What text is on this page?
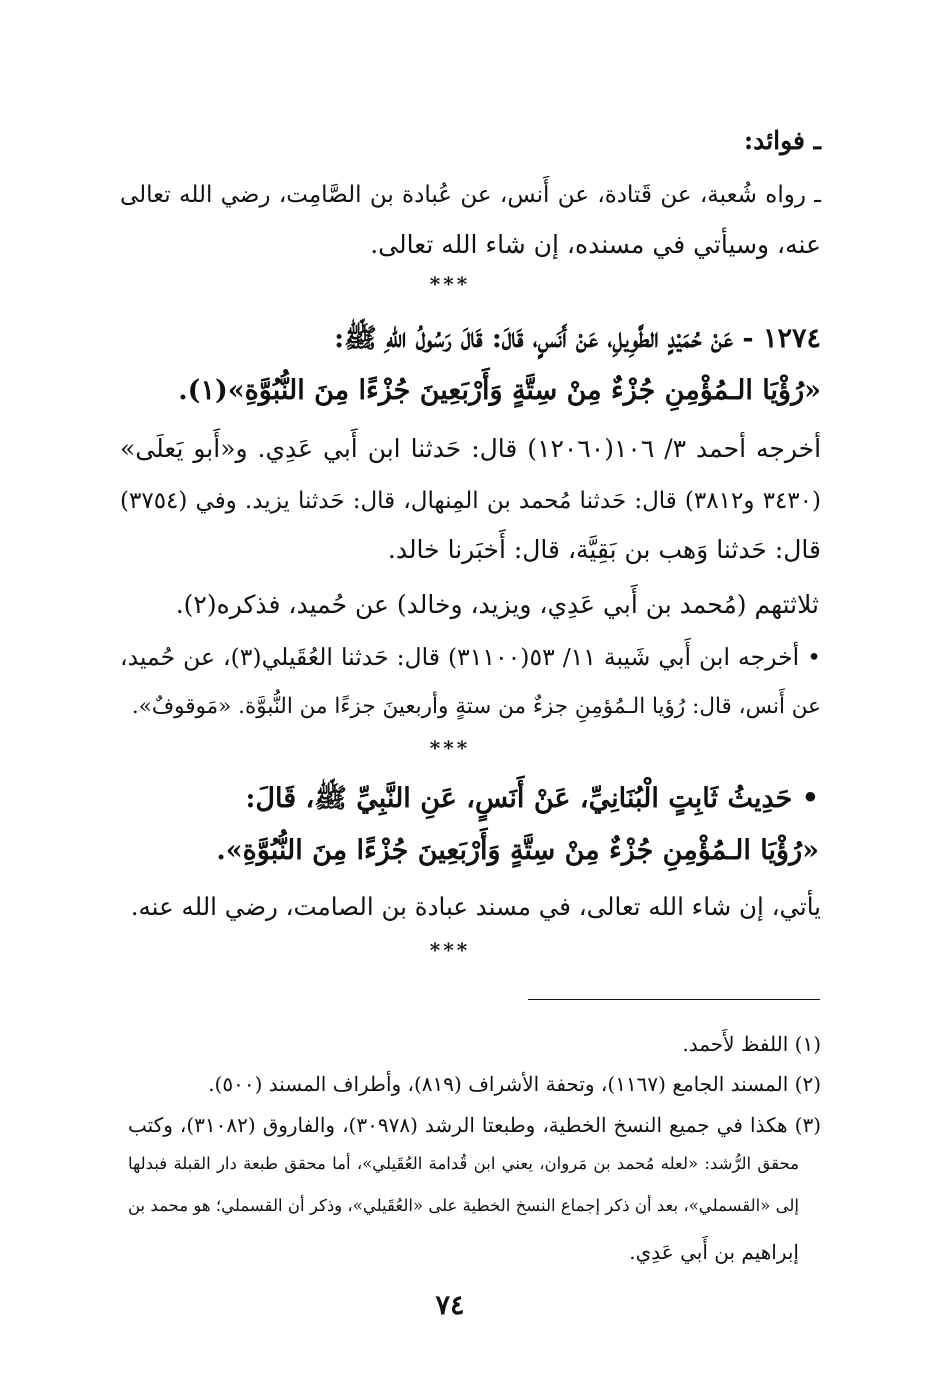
ـ فوائد:
ـ رواه شُعبة، عن قَتادة، عن أَنس، عن عُبادة بن الصَّامِت، رضي الله تعالى
عنه، وسيأتي في مسنده، إن شاء الله تعالى.
***
١٢٧٤ - عَنْ حُمَيْدٍ الطَّوِيلِ، عَنْ أَنَسٍ، قَالَ: قَالَ رَسُولُ اللهِ ﷺ:
«رُؤْيَا الـمُؤْمِنِ جُزْءٌ مِنْ سِتَّةٍ وَأَرْبَعِينَ جُزْءًا مِنَ النُّبُوَّةِ»(١).
أخرجه أحمد ٣/ ١٠٦(١٢٠٦٠) قال: حَدثنا ابن أَبي عَدِي. و«أَبو يَعلَى»
(٣٤٣٠ و٣٨١٢) قال: حَدثنا مُحمد بن المِنهال، قال: حَدثنا يزيد. وفي (٣٧٥٤)
قال: حَدثنا وَهب بن بَقِيَّة، قال: أَخبَرنا خالد.
ثلاثتهم (مُحمد بن أَبي عَدِي، ويزيد، وخالد) عن حُميد، فذكره(٢).
• أخرجه ابن أَبي شَيبة ١١/ ٥٣(٣١١٠٠) قال: حَدثنا العُقَيلي(٣)، عن حُميد،
عن أَنس، قال: رُؤيا الـمُؤمِنِ جزءٌ من ستةٍ وأربعينَ جزءًا من النُّبوَّة. «مَوقوفٌ».
***
• حَدِيثُ ثَابِتٍ الْبُنَانِيِّ، عَنْ أَنَسٍ، عَنِ النَّبِيِّ ﷺ، قَالَ:
«رُؤْيَا الـمُؤْمِنِ جُزْءٌ مِنْ سِتَّةٍ وَأَرْبَعِينَ جُزْءًا مِنَ النُّبُوَّةِ».
يأتي، إن شاء الله تعالى، في مسند عبادة بن الصامت، رضي الله عنه.
***
(١) اللفظ لأَحمد.
(٢) المسند الجامع (١١٦٧)، وتحفة الأشراف (٨١٩)، وأطراف المسند (٥٠٠).
(٣) هكذا في جميع النسخ الخطية، وطبعتا الرشد (٣٠٩٧٨)، والفاروق (٣١٠٨٢)، وكتب
محقق الرُّشد: «لعله مُحمد بن مَروان، يعني ابن قُدامة العُقَيلي»، أما محقق طبعة دار القبلة فبدلها
إلى «القسملي»، بعد أن ذكر إجماع النسخ الخطية على «العُقَيلي»، وذكر أن القسملي؛ هو محمد بن
إبراهيم بن أَبي عَدِي.
٧٤
